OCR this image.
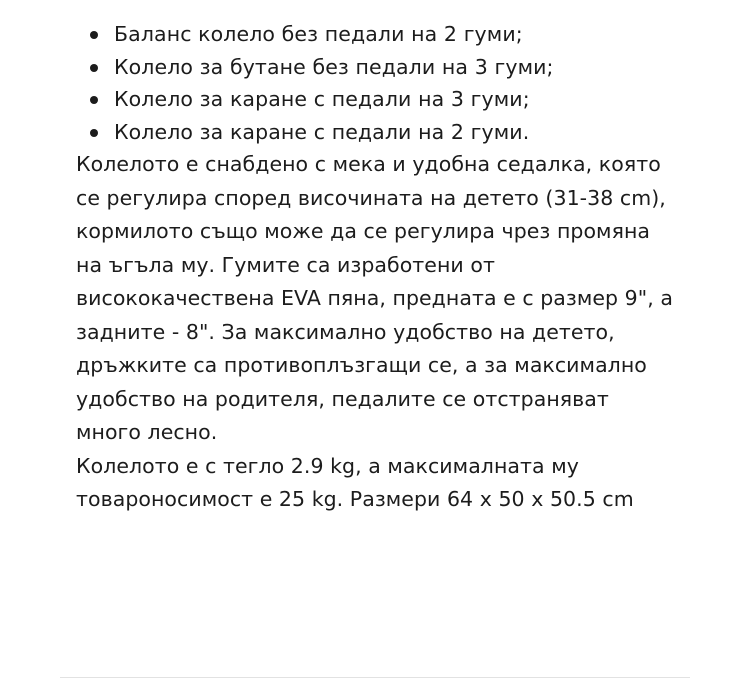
Баланс колело без педали на 2 гуми;
Колело за бутане без педали на 3 гуми;
Колело за каране с педали на 3 гуми;
Колело за каране с педали на 2 гуми.

Колелото е снабдено с мека и удобна седалка, която се регулира според височината на детето (31-38 cm), кормилото също може да се регулира чрез промяна на ъгъла му. Гумите са изработени от висококачествена EVA пяна, предната е с размер 9", а задните - 8". За максимално удобство на детето, дръжките са противоплъзгащи се, а за максимално удобство на родителя, педалите се отстраняват много лесно.

Колелото е с тегло 2.9 kg, а максималната му товароносимост е 25 kg. Размери 64 x 50 x 50.5 cm
